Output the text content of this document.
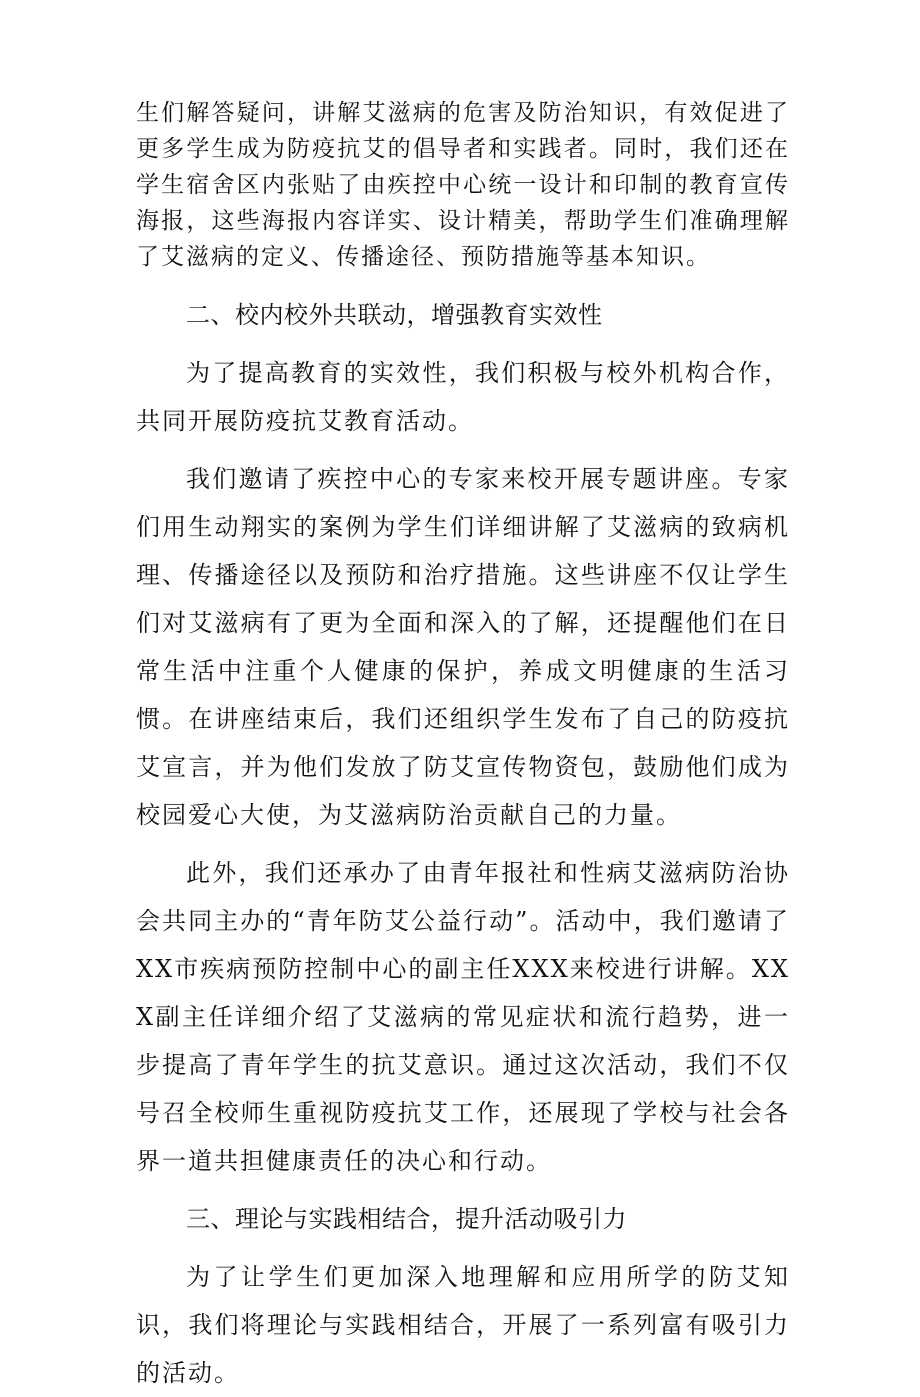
生们解答疑问，讲解艾滋病的危害及防治知识，有效促进了更多学生成为防疫抗艾的倡导者和实践者。同时，我们还在学生宿舍区内张贴了由疾控中心统一设计和印制的教育宣传海报，这些海报内容详实、设计精美，帮助学生们准确理解了艾滋病的定义、传播途径、预防措施等基本知识。

二、校内校外共联动，增强教育实效性

为了提高教育的实效性，我们积极与校外机构合作，共同开展防疫抗艾教育活动。

我们邀请了疾控中心的专家来校开展专题讲座。专家们用生动翔实的案例为学生们详细讲解了艾滋病的致病机理、传播途径以及预防和治疗措施。这些讲座不仅让学生们对艾滋病有了更为全面和深入的了解，还提醒他们在日常生活中注重个人健康的保护，养成文明健康的生活习惯。在讲座结束后，我们还组织学生发布了自己的防疫抗艾宣言，并为他们发放了防艾宣传物资包，鼓励他们成为校园爱心大使，为艾滋病防治贡献自己的力量。

此外，我们还承办了由青年报社和性病艾滋病防治协会共同主办的“青年防艾公益行动”。活动中，我们邀请了XX市疾病预防控制中心的副主任XXX来校进行讲解。XXX副主任详细介绍了艾滋病的常见症状和流行趋势，进一步提高了青年学生的抗艾意识。通过这次活动，我们不仅号召全校师生重视防疫抗艾工作，还展现了学校与社会各界一道共担健康责任的决心和行动。

三、理论与实践相结合，提升活动吸引力

为了让学生们更加深入地理解和应用所学的防艾知识，我们将理论与实践相结合，开展了一系列富有吸引力的活动。
